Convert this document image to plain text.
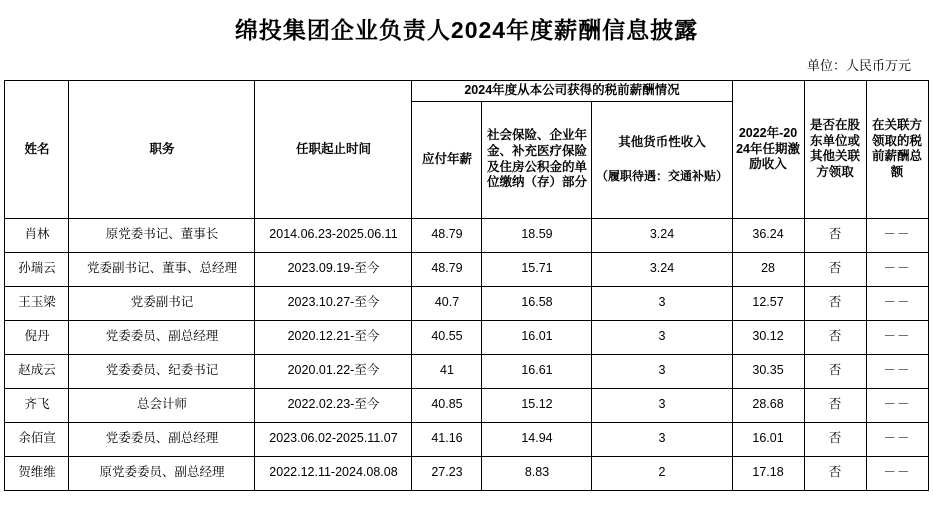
绵投集团企业负责人2024年度薪酬信息披露
单位：人民币万元
姓名	职务	任职起止时间	2024年度从本公司获得的税前薪酬情况			2022年-2024年任期激励收入	是否在股东单位或其他关联方领取	在关联方领取的税前薪酬总额
			应付年薪	社会保险、企业年金、补充医疗保险及住房公积金的单位缴纳（存）部分	其他货币性收入
（履职待遇：交通补贴）			

肖林	原党委书记、董事长	2014.06.23-2025.06.11	48.79	18.59	3.24	36.24	否	－－
孙瑞云	党委副书记、董事、总经理	2023.09.19-至今	48.79	15.71	3.24	28	否	－－
王玉梁	党委副书记	2023.10.27-至今	40.7	16.58	3	12.57	否	－－
倪丹	党委委员、副总经理	2020.12.21-至今	40.55	16.01	3	30.12	否	－－
赵成云	党委委员、纪委书记	2020.01.22-至今	41	16.61	3	30.35	否	－－
齐飞	总会计师	2022.02.23-至今	40.85	15.12	3	28.68	否	－－
余佰宣	党委委员、副总经理	2023.06.02-2025.11.07	41.16	14.94	3	16.01	否	－－
贺维维	原党委委员、副总经理	2022.12.11-2024.08.08	27.23	8.83	2	17.18	否	－－
